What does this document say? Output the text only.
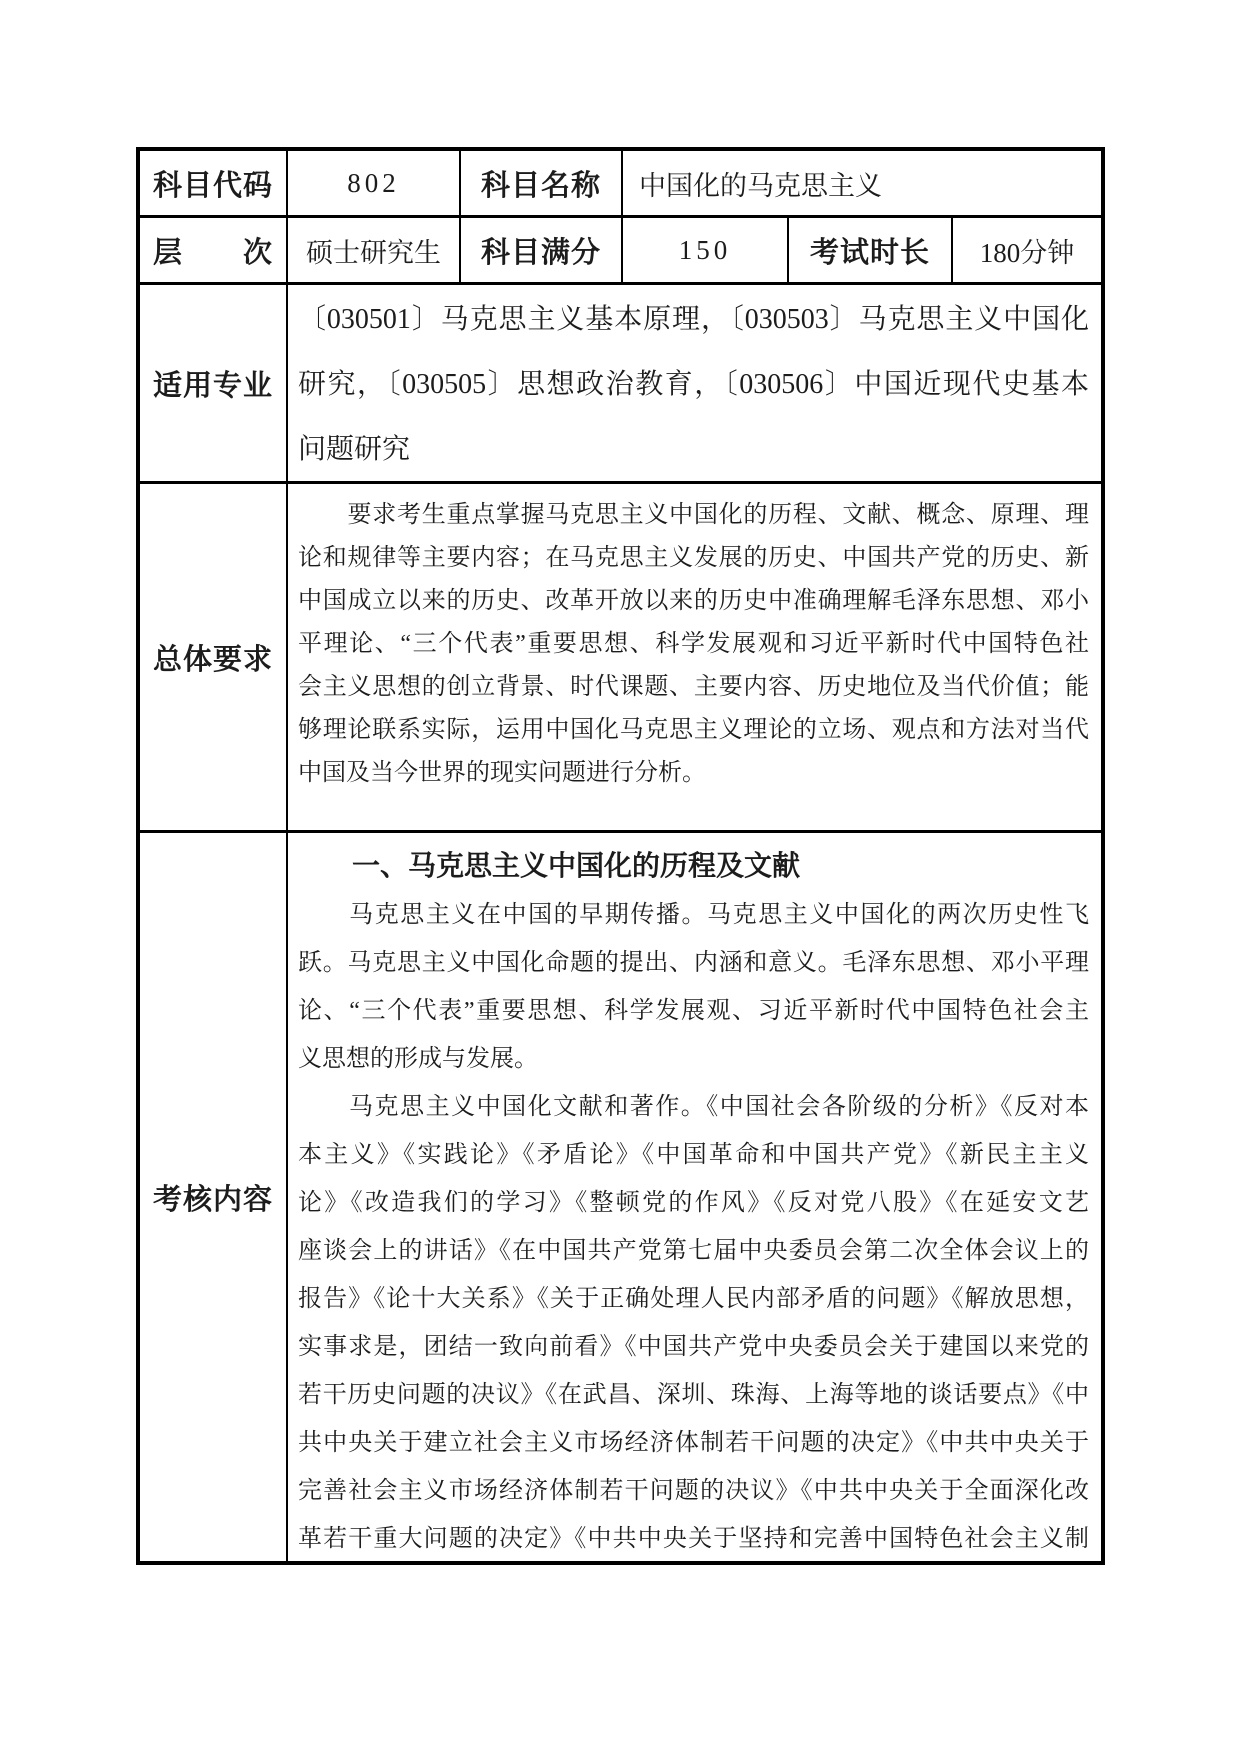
科目代码	802	科目名称 中国化的马克思主义
层　　次 硕士研究生 科目满分	150	考试时长 180分钟
适用专业
〔030501〕马克思主义基本原理，〔030503〕马克思主义中国化
研究，〔030505〕思想政治教育，〔030506〕中国近现代史基本
问题研究
总体要求
　　要求考生重点掌握马克思主义中国化的历程、文献、概念、原理、理
论和规律等主要内容；在马克思主义发展的历史、中国共产党的历史、新
中国成立以来的历史、改革开放以来的历史中准确理解毛泽东思想、邓小
平理论、“三个代表”重要思想、科学发展观和习近平新时代中国特色社
会主义思想的创立背景、时代课题、主要内容、历史地位及当代价值；能
够理论联系实际，运用中国化马克思主义理论的立场、观点和方法对当代
中国及当今世界的现实问题进行分析。
考核内容
一、马克思主义中国化的历程及文献
　　马克思主义在中国的早期传播。马克思主义中国化的两次历史性飞
跃。马克思主义中国化命题的提出、内涵和意义。毛泽东思想、邓小平理
论、“三个代表”重要思想、科学发展观、习近平新时代中国特色社会主
义思想的形成与发展。
　　马克思主义中国化文献和著作。《中国社会各阶级的分析》《反对本
本主义》《实践论》《矛盾论》《中国革命和中国共产党》《新民主主义
论》《改造我们的学习》《整顿党的作风》《反对党八股》《在延安文艺
座谈会上的讲话》《在中国共产党第七届中央委员会第二次全体会议上的
报告》《论十大关系》《关于正确处理人民内部矛盾的问题》《解放思想，
实事求是，团结一致向前看》《中国共产党中央委员会关于建国以来党的
若干历史问题的决议》《在武昌、深圳、珠海、上海等地的谈话要点》《中
共中央关于建立社会主义市场经济体制若干问题的决定》《中共中央关于
完善社会主义市场经济体制若干问题的决议》《中共中央关于全面深化改
革若干重大问题的决定》《中共中央关于坚持和完善中国特色社会主义制
